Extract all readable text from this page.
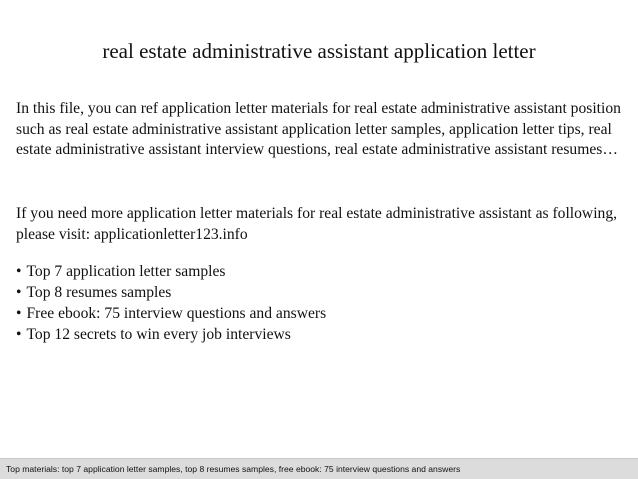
real estate administrative assistant application letter

In this file, you can ref application letter materials for real estate administrative assistant position such as real estate administrative assistant application letter samples, application letter tips, real estate administrative assistant interview questions, real estate administrative assistant resumes…

If you need more application letter materials for real estate administrative assistant as following, please visit: applicationletter123.info

• Top 7 application letter samples
• Top 8 resumes samples
• Free ebook: 75 interview questions and answers
• Top 12 secrets to win every job interviews
Top materials: top 7 application letter samples, top 8 resumes samples, free ebook: 75 interview questions and answers
